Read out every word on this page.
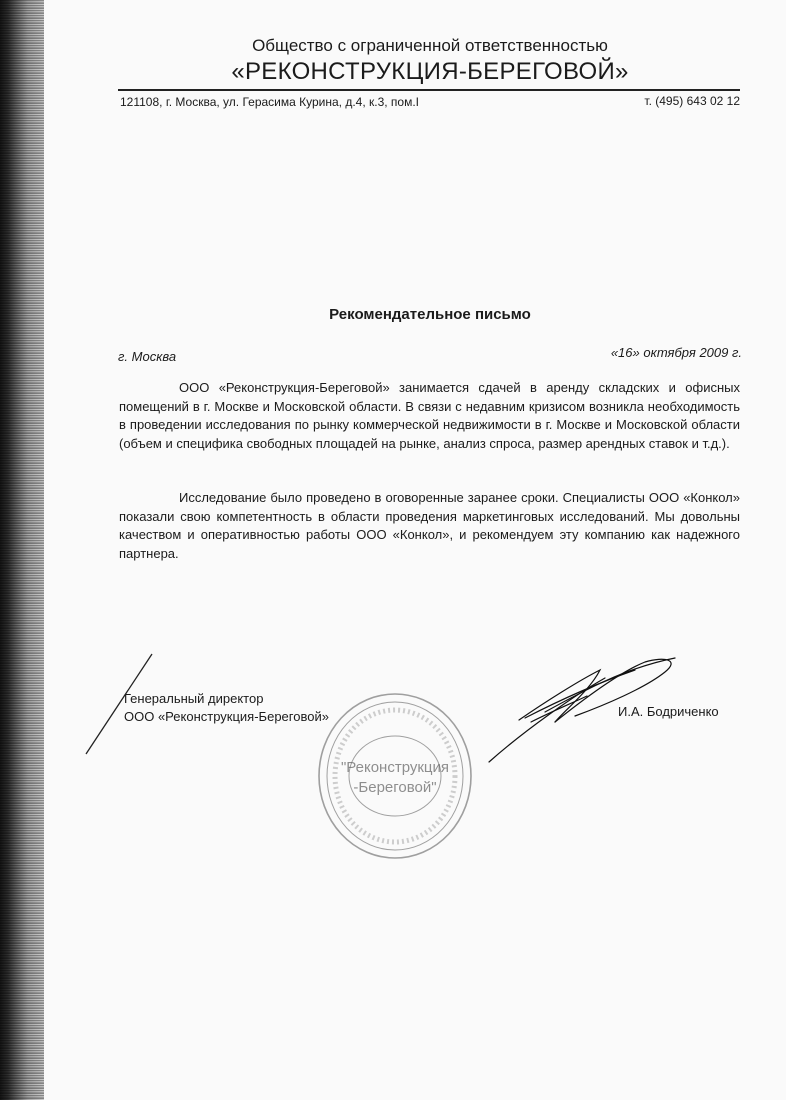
Общество с ограниченной ответственностью
«РЕКОНСТРУКЦИЯ-БЕРЕГОВОЙ»
121108, г. Москва, ул. Герасима Курина, д.4, к.3, пом.I	т. (495) 643 02 12
Рекомендательное письмо
г. Москва	«16» октября 2009 г.
ООО «Реконструкция-Береговой» занимается сдачей в аренду складских и офисных помещений в г. Москве и Московской области. В связи с недавним кризисом возникла необходимость в проведении исследования по рынку коммерческой недвижимости в г. Москве и Московской области (объем и специфика свободных площадей на рынке, анализ спроса, размер арендных ставок и т.д.).
Исследование было проведено в оговоренные заранее сроки. Специалисты ООО «Конкол» показали свою компетентность в области проведения маркетинговых исследований. Мы довольны качеством и оперативностью работы ООО «Конкол», и рекомендуем эту компанию как надежного партнера.
Генеральный директор
ООО «Реконструкция-Береговой»	И.А. Бодриченко
"Реконструкция
-Береговой"
